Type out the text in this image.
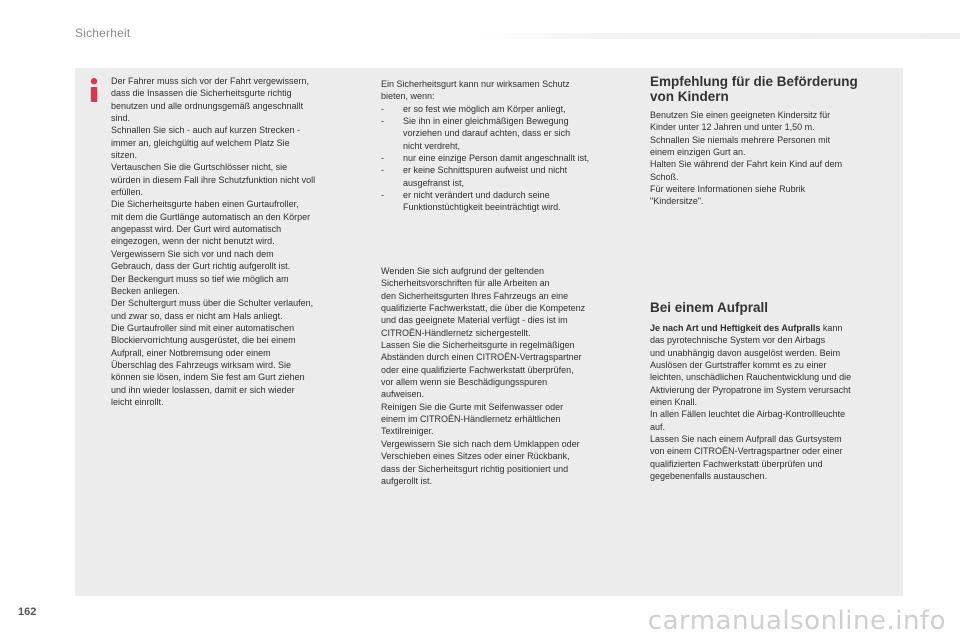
Sicherheit
Der Fahrer muss sich vor der Fahrt vergewissern,
dass die Insassen die Sicherheitsgurte richtig
benutzen und alle ordnungsgemäß angeschnallt
sind.
Schnallen Sie sich - auch auf kurzen Strecken -
immer an, gleichgültig auf welchem Platz Sie
sitzen.
Vertauschen Sie die Gurtschlösser nicht, sie
würden in diesem Fall ihre Schutzfunktion nicht voll
erfüllen.
Die Sicherheitsgurte haben einen Gurtaufroller,
mit dem die Gurtlänge automatisch an den Körper
angepasst wird. Der Gurt wird automatisch
eingezogen, wenn der nicht benutzt wird.
Vergewissern Sie sich vor und nach dem
Gebrauch, dass der Gurt richtig aufgerollt ist.
Der Beckengurt muss so tief wie möglich am
Becken anliegen.
Der Schultergurt muss über die Schulter verlaufen,
und zwar so, dass er nicht am Hals anliegt.
Die Gurtaufroller sind mit einer automatischen
Blockiervorrichtung ausgerüstet, die bei einem
Aufprall, einer Notbremsung oder einem
Überschlag des Fahrzeugs wirksam wird. Sie
können sie lösen, indem Sie fest am Gurt ziehen
und ihn wieder loslassen, damit er sich wieder
leicht einrollt.
Ein Sicherheitsgurt kann nur wirksamen Schutz
bieten, wenn:
- er so fest wie möglich am Körper anliegt,
- Sie ihn in einer gleichmäßigen Bewegung
vorziehen und darauf achten, dass er sich
nicht verdreht,
- nur eine einzige Person damit angeschnallt ist,
- er keine Schnittspuren aufweist und nicht
ausgefranst ist,
- er nicht verändert und dadurch seine
Funktionstüchtigkeit beeinträchtigt wird.
Wenden Sie sich aufgrund der geltenden
Sicherheitsvorschriften für alle Arbeiten an
den Sicherheitsgurten Ihres Fahrzeugs an eine
qualifizierte Fachwerkstatt, die über die Kompetenz
und das geeignete Material verfügt - dies ist im
CITROËN-Händlernetz sichergestellt.
Lassen Sie die Sicherheitsgurte in regelmäßigen
Abständen durch einen CITROËN-Vertragspartner
oder eine qualifizierte Fachwerkstatt überprüfen,
vor allem wenn sie Beschädigungsspuren
aufweisen.
Reinigen Sie die Gurte mit Seifenwasser oder
einem im CITROËN-Händlernetz erhältlichen
Textilreiniger.
Vergewissern Sie sich nach dem Umklappen oder
Verschieben eines Sitzes oder einer Rückbank,
dass der Sicherheitsgurt richtig positioniert und
aufgerollt ist.
Empfehlung für die Beförderung
von Kindern
Benutzen Sie einen geeigneten Kindersitz für
Kinder unter 12 Jahren und unter 1,50 m.
Schnallen Sie niemals mehrere Personen mit
einem einzigen Gurt an.
Halten Sie während der Fahrt kein Kind auf dem
Schoß.
Für weitere Informationen siehe Rubrik
"Kindersitze".
Bei einem Aufprall
Je nach Art und Heftigkeit des Aufpralls kann
das pyrotechnische System vor den Airbags
und unabhängig davon ausgelöst werden. Beim
Auslösen der Gurtstraffer kommt es zu einer
leichten, unschädlichen Rauchentwicklung und die
Aktivierung der Pyropatrone im System verursacht
einen Knall.
In allen Fällen leuchtet die Airbag-Kontrollleuchte
auf.
Lassen Sie nach einem Aufprall das Gurtsystem
von einem CITROËN-Vertragspartner oder einer
qualifizierten Fachwerkstatt überprüfen und
gegebenenfalls austauschen.
162	carmanualsonline.info
